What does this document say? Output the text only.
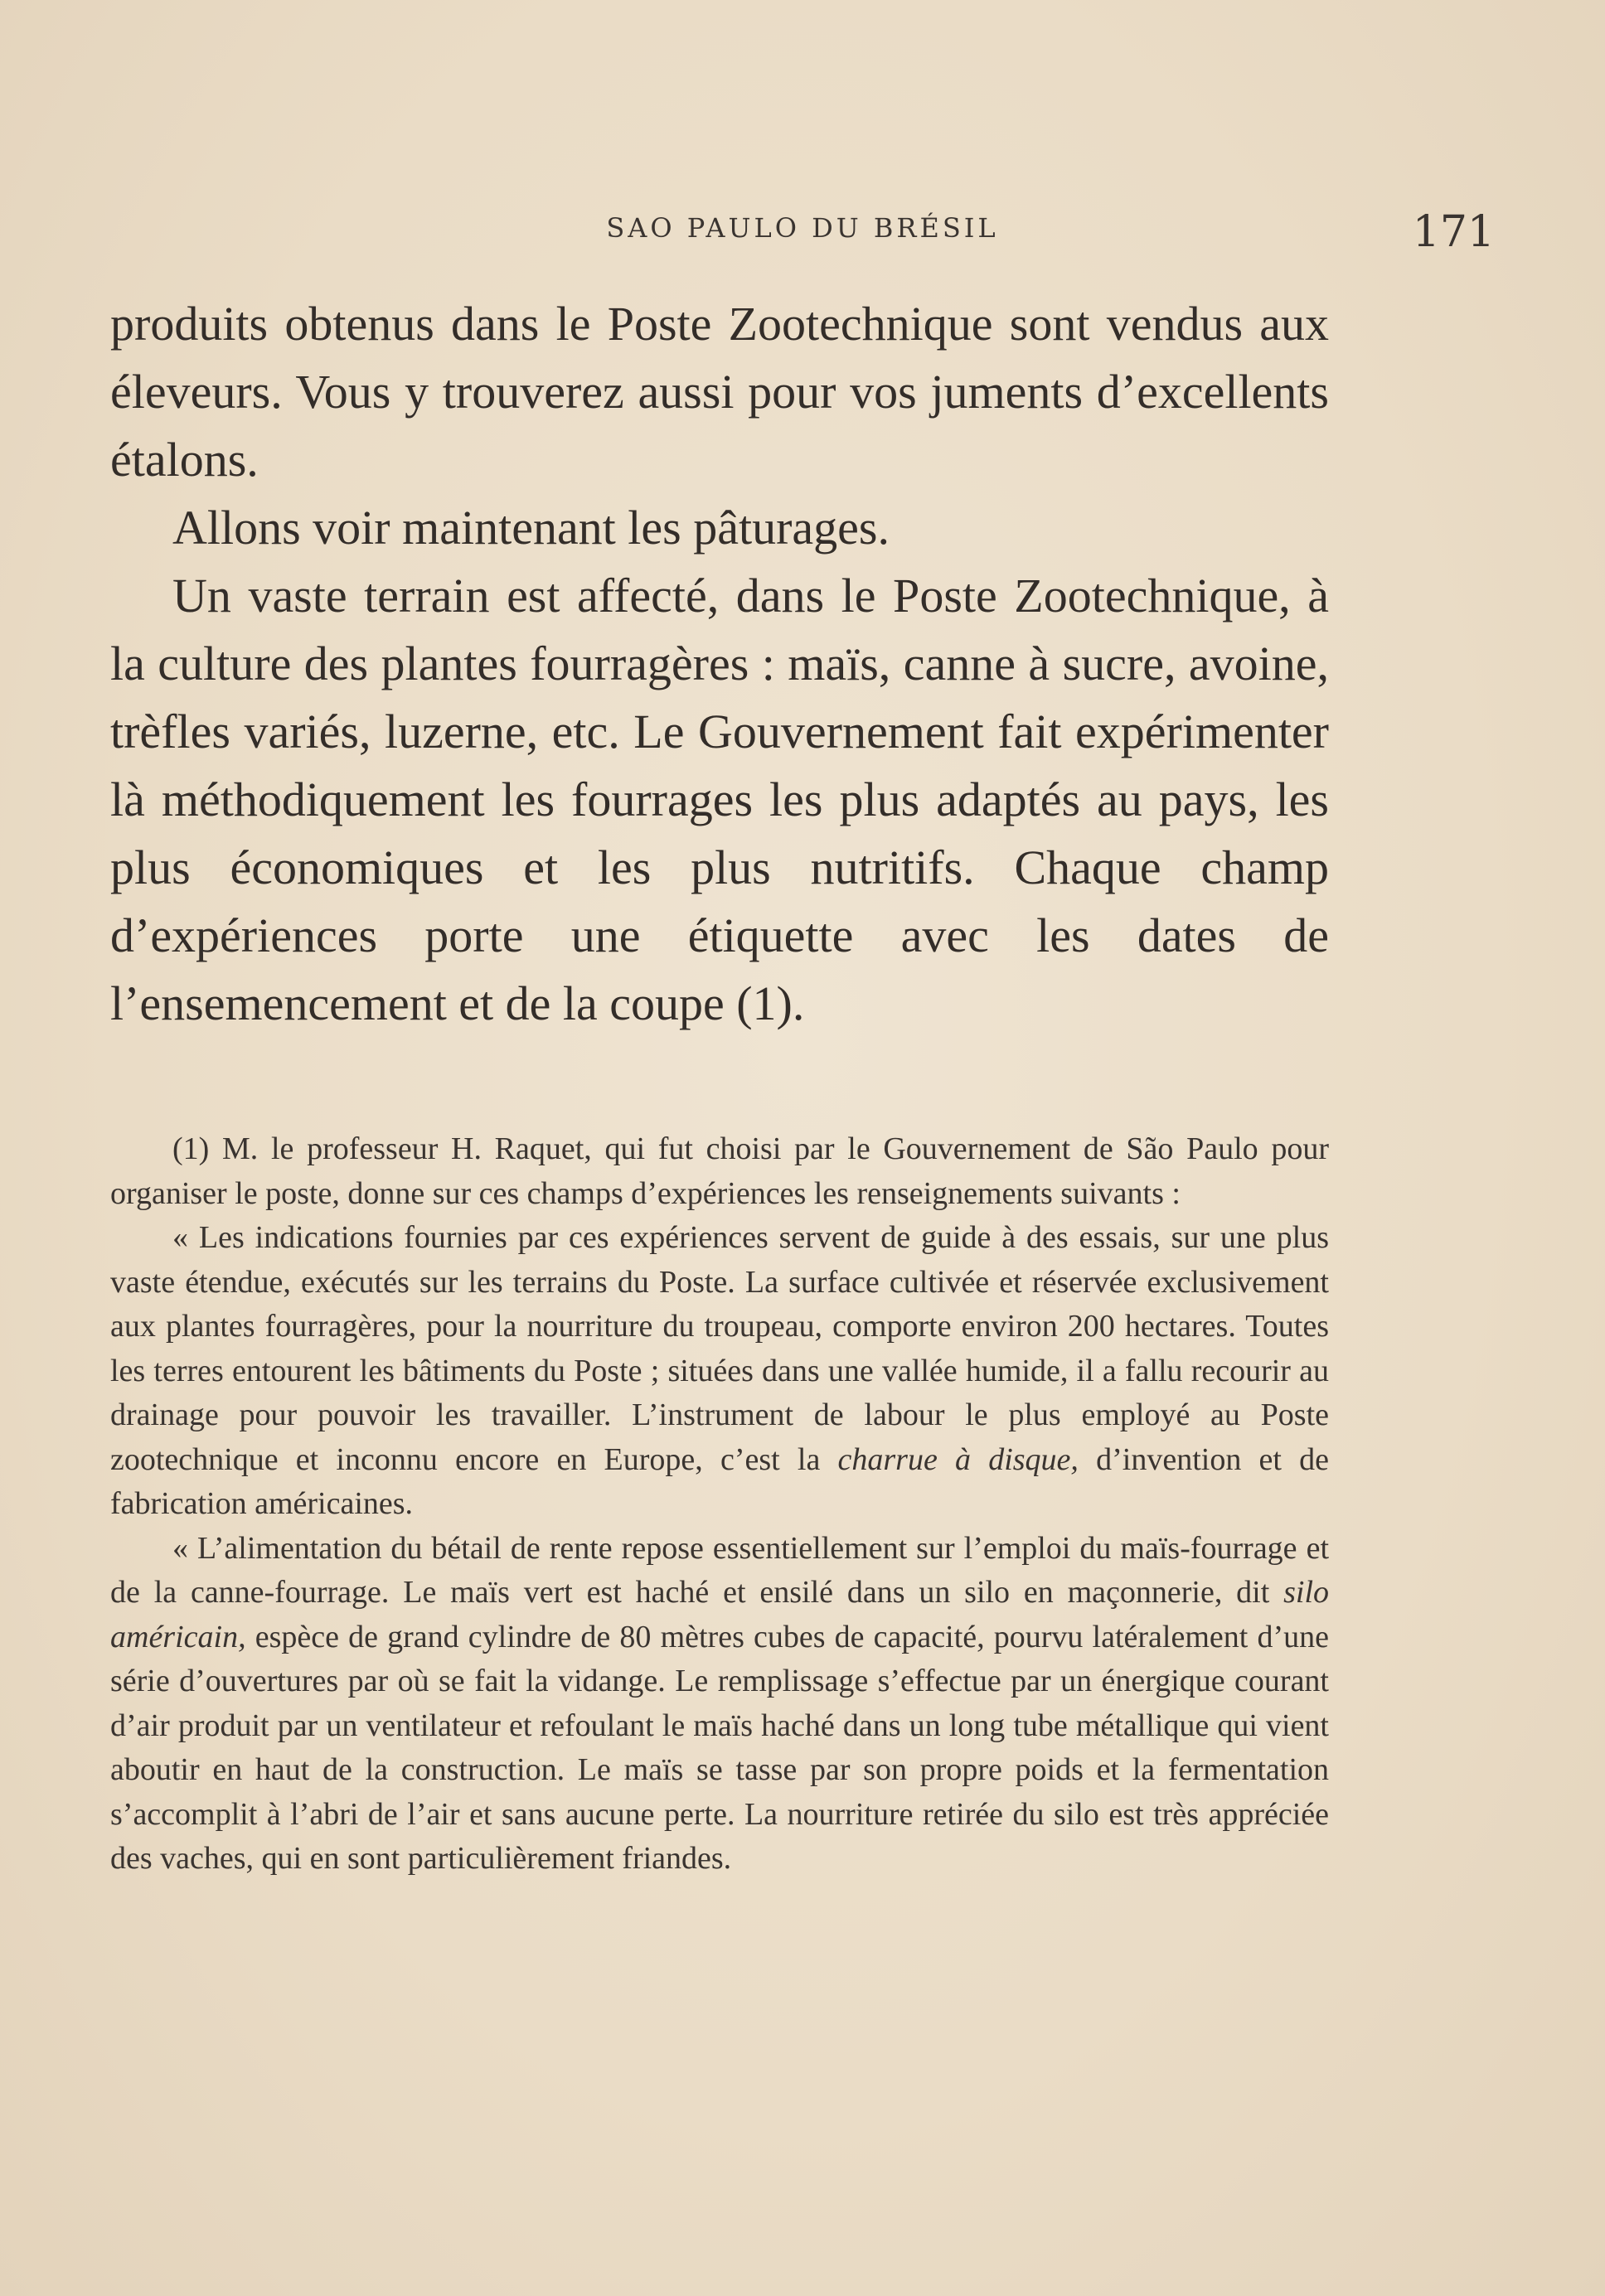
SAO PAULO DU BRÉSIL	171

produits obtenus dans le Poste Zootechnique sont vendus aux éleveurs. Vous y trouverez aussi pour vos juments d’excellents étalons.

Allons voir maintenant les pâturages.

Un vaste terrain est affecté, dans le Poste Zootechnique, à la culture des plantes fourragères : maïs, canne à sucre, avoine, trèfles variés, luzerne, etc. Le Gouvernement fait expérimenter là méthodiquement les fourrages les plus adaptés au pays, les plus économiques et les plus nutritifs. Chaque champ d’expériences porte une étiquette avec les dates de l’ensemencement et de la coupe (1).

(1) M. le professeur H. Raquet, qui fut choisi par le Gouvernement de São Paulo pour organiser le poste, donne sur ces champs d’expériences les renseignements suivants :

« Les indications fournies par ces expériences servent de guide à des essais, sur une plus vaste étendue, exécutés sur les terrains du Poste. La surface cultivée et réservée exclusivement aux plantes fourragères, pour la nourriture du troupeau, comporte environ 200 hectares. Toutes les terres entourent les bâtiments du Poste ; situées dans une vallée humide, il a fallu recourir au drainage pour pouvoir les travailler. L’instrument de labour le plus employé au Poste zootechnique et inconnu encore en Europe, c’est la charrue à disque, d’invention et de fabrication américaines.

« L’alimentation du bétail de rente repose essentiellement sur l’emploi du maïs-fourrage et de la canne-fourrage. Le maïs vert est haché et ensilé dans un silo en maçonnerie, dit silo américain, espèce de grand cylindre de 80 mètres cubes de capacité, pourvu latéralement d’une série d’ouvertures par où se fait la vidange. Le remplissage s’effectue par un énergique courant d’air produit par un ventilateur et refoulant le maïs haché dans un long tube métallique qui vient aboutir en haut de la construction. Le maïs se tasse par son propre poids et la fermentation s’accomplit à l’abri de l’air et sans aucune perte. La nourriture retirée du silo est très appréciée des vaches, qui en sont particulièrement friandes.
